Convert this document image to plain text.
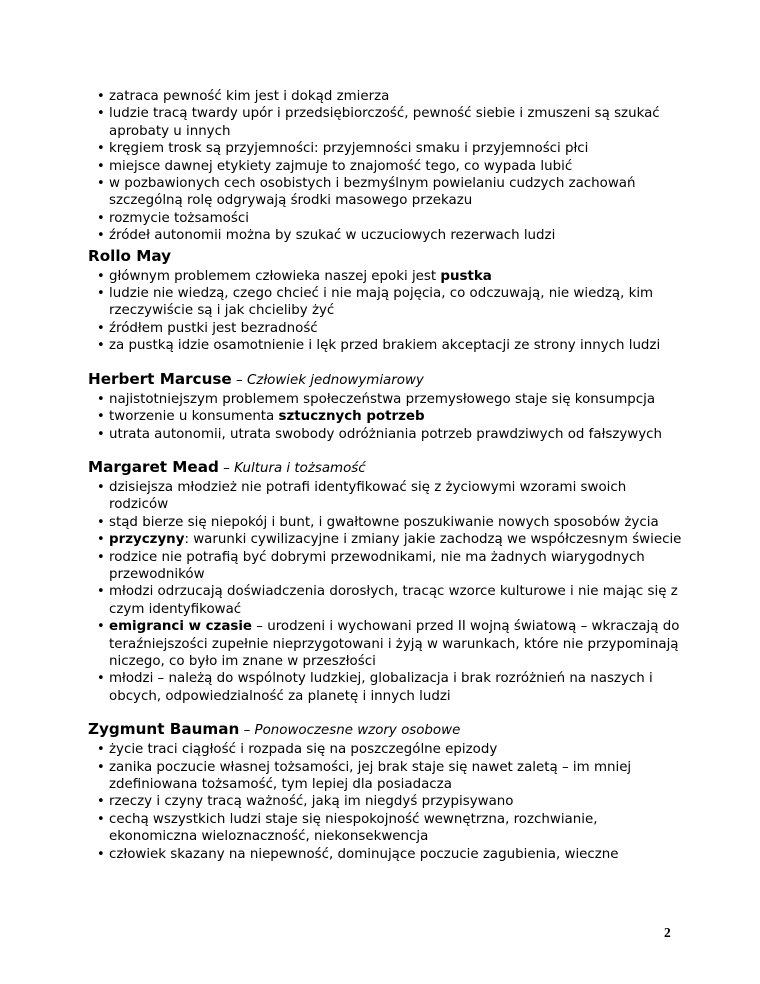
• zatraca pewność kim jest i dokąd zmierza
• ludzie tracą twardy upór i przedsiębiorczość, pewność siebie i zmuszeni są szukać aprobaty u innych
• kręgiem trosk są przyjemności: przyjemności smaku i przyjemności płci
• miejsce dawnej etykiety zajmuje to znajomość tego, co wypada lubić
• w pozbawionych cech osobistych i bezmyślnym powielaniu cudzych zachowań szczególną rolę odgrywają środki masowego przekazu
• rozmycie tożsamości
• źródeł autonomii można by szukać w uczuciowych rezerwach ludzi
Rollo May
• głównym problemem człowieka naszej epoki jest pustka
• ludzie nie wiedzą, czego chcieć i nie mają pojęcia, co odczuwają, nie wiedzą, kim rzeczywiście są i jak chcieliby żyć
• źródłem pustki jest bezradność
• za pustką idzie osamotnienie i lęk przed brakiem akceptacji ze strony innych ludzi
Herbert Marcuse – Człowiek jednowymiarowy
• najistotniejszym problemem społeczeństwa przemysłowego staje się konsumpcja
• tworzenie u konsumenta sztucznych potrzeb
• utrata autonomii, utrata swobody odróżniania potrzeb prawdziwych od fałszywych
Margaret Mead – Kultura i tożsamość
• dzisiejsza młodzież nie potrafi identyfikować się z życiowymi wzorami swoich rodziców
• stąd bierze się niepokój i bunt, i gwałtowne poszukiwanie nowych sposobów życia
• przyczyny: warunki cywilizacyjne i zmiany jakie zachodzą we współczesnym świecie
• rodzice nie potrafią być dobrymi przewodnikami, nie ma żadnych wiarygodnych przewodników
• młodzi odrzucają doświadczenia dorosłych, tracąc wzorce kulturowe i nie mając się z czym identyfikować
• emigranci w czasie – urodzeni i wychowani przed II wojną światową – wkraczają do teraźniejszości zupełnie nieprzygotowani i żyją w warunkach, które nie przypominają niczego, co było im znane w przeszłości
• młodzi – należą do wspólnoty ludzkiej, globalizacja i brak rozróżnień na naszych i obcych, odpowiedzialność za planetę i innych ludzi
Zygmunt Bauman – Ponowoczesne wzory osobowe
• życie traci ciągłość i rozpada się na poszczególne epizody
• zanika poczucie własnej tożsamości, jej brak staje się nawet zaletą – im mniej zdefiniowana tożsamość, tym lepiej dla posiadacza
• rzeczy i czyny tracą ważność, jaką im niegdyś przypisywano
• cechą wszystkich ludzi staje się niespokojność wewnętrzna, rozchwianie, ekonomiczna wieloznaczność, niekonsekwencja
• człowiek skazany na niepewność, dominujące poczucie zagubienia, wieczne
2
